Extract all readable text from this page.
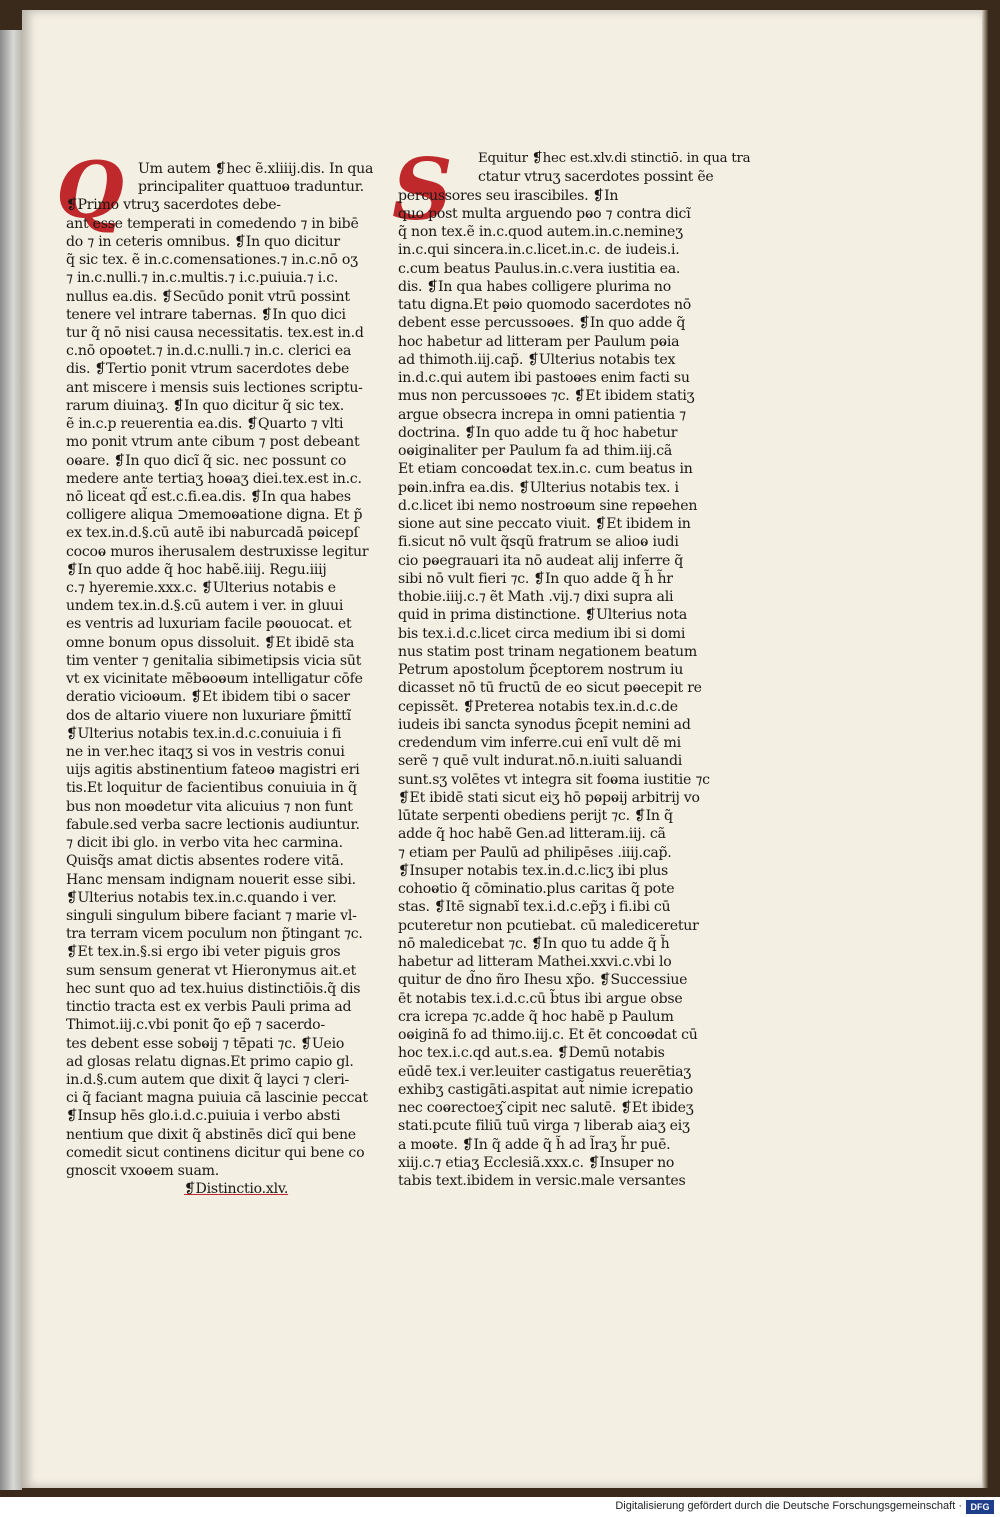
Q	S
Um autem ❡hec ẽ.xliiij.dis. In qua
principaliter quattuoⱺ traduntur.
❡Primo vtruʒ sacerdotes debe-
ant esse temperati in comedendo ⁊ in bibē
do ⁊ in ceteris omnibus. ❡In quo dicitur
q̃ sic tex. ẽ in.c.comensationes.⁊ in.c.nō oʒ
⁊ in.c.nulli.⁊ in.c.multis.⁊ i.c.puiuia.⁊ i.c.
nullus ea.dis. ❡Secūdo ponit vtrū possint
tenere vel intrare tabernas. ❡In quo dici
tur q̃ nō nisi causa necessitatis. tex.est in.d
c.nō opoⱺtet.⁊ in.d.c.nulli.⁊ in.c. clerici ea
dis. ❡Tertio ponit vtrum sacerdotes debe
ant miscere i mensis suis lectiones scriptu-
rarum diuinaʒ. ❡In quo dicitur q̃ sic tex.
ẽ in.c.p reuerentia ea.dis. ❡Quarto ⁊ vlti
mo ponit vtrum ante cibum ⁊ post debeant
oⱺare. ❡In quo dicĩ q̃ sic. nec possunt co
medere ante tertiaʒ hoⱺaʒ diei.tex.est in.c.
nō liceat qd̃ est.c.fi.ea.dis. ❡In qua habes
colligere aliqua ⊃memoⱺatione digna. Et p̃
ex tex.in.d.§.cū autē ibi naburcadā pⱺicepſ
cocoⱺ muros iherusalem destruxisse legitur
❡In quo adde q̃ hoc habẽ.iiij. Regu.iiij
c.⁊ hyeremie.xxx.c. ❡Ulterius notabis e
undem tex.in.d.§.cū autem i ver. in gluui
es ventris ad luxuriam facile pⱺouocat. et
omne bonum opus dissoluit. ❡Et ibidē sta
tim venter ⁊ genitalia sibimetipsis vicia sūt
vt ex vicinitate mēbⱺoⱺum intelligatur cōfe
deratio vicioⱺum. ❡Et ibidem tibi o sacer
dos de altario viuere non luxuriare p̃mittĩ
❡Ulterius notabis tex.in.d.c.conuiuia i fi
ne in ver.hec itaqʒ si vos in vestris conui
uijs agitis abstinentium fateoⱺ magistri eri
tis.Et loquitur de facientibus conuiuia in q̃
bus non moⱺdetur vita alicuius ⁊ non funt
fabule.sed verba sacre lectionis audiuntur.
⁊ dicit ibi glo. in verbo vita hec carmina.
Quisq̃s amat dictis absentes rodere vitā.
Hanc mensam indignam nouerit esse sibi.
❡Ulterius notabis tex.in.c.quando i ver.
singuli singulum bibere faciant ⁊ marie vl-
tra terram vicem poculum non p̃tingant ⁊c.
❡Et tex.in.§.si ergo ibi veter piguis gros
sum sensum generat vt Hieronymus ait.et
hec sunt quo ad tex.huius distinctiōis.q̃ dis
tinctio tracta est ex verbis Pauli prima ad
Thimot.iij.c.vbi ponit q̃̄o ep̃ ⁊ sacerdo-
tes debent esse sobⱺij ⁊ tēpati ⁊c. ❡Ueio
ad glosas relatu dignas.Et primo capio gl.
in.d.§.cum autem que dixit q̃ layci ⁊ cleri-
ci q̃ faciant magna puiuia cā lascinie peccat
❡Insup hēs glo.i.d.c.puiuia i verbo absti
nentium que dixit q̃ abstinēs dicĩ qui bene
comedit sicut continens dicitur qui bene co
gnoscit vxoⱺem suam.
❡Distinctio.xlv.
Equitur ❡hec est.xlv.di stinctiō. in qua tra
ctatur vtruʒ sacerdotes possint ẽe
percussores seu irascibiles. ❡In
quo post multa arguendo pⱺo ⁊ contra dicĩ
q̃ non tex.ẽ in.c.quod autem.in.c.nemineʒ
in.c.qui sincera.in.c.licet.in.c. de iudeis.i.
c.cum beatus Paulus.in.c.vera iustitia ea.
dis. ❡In qua habes colligere plurima no
tatu digna.Et pⱺio quomodo sacerdotes nō
debent esse percussoⱺes. ❡In quo adde q̃
hoc habetur ad litteram per Paulum pⱺia
ad thimoth.iij.cap̃. ❡Ulterius notabis tex
in.d.c.qui autem ibi pastoⱺes enim facti su
mus non percussoⱺes ⁊c. ❡Et ibidem statiʒ
argue obsecra increpa in omni patientia ⁊
doctrina. ❡In quo adde tu q̃ hoc habetur
oⱺiginaliter per Paulum fa ad thim.iij.cã
Et etiam concoⱺdat tex.in.c. cum beatus in
pⱺin.infra ea.dis. ❡Ulterius notabis tex. i
d.c.licet ibi nemo nostroⱺum sine repⱺehen
sione aut sine peccato viuit. ❡Et ibidem in
fi.sicut nō vult q̃sqũ fratrum se alioⱺ iudi
cio pⱺegrauari ita nō audeat alij inferre q̃
sibi nō vult fieri ⁊c. ❡In quo adde q̃ h̃ h̃r
thobie.iiij.c.⁊ ẽt Math .vij.⁊ dixi supra ali
quid in prima distinctione. ❡Ulterius nota
bis tex.i.d.c.licet circa medium ibi si domi
nus statim post trinam negationem beatum
Petrum apostolum p̃ceptorem nostrum iu
dicasset nō tū fructū de eo sicut pⱺecepit re
cepissẽt. ❡Preterea notabis tex.in.d.c.de
iudeis ibi sancta synodus p̃cepit nemini ad
credendum vim inferre.cui enī vult dẽ mi
serẽ ⁊ quē vult indurat.nō.n.iuiti saluandi
sunt.sʒ volētes vt integra sit foⱺma iustitie ⁊c
❡Et ibidē stati sicut eiʒ hō pⱺpⱺij arbitrij vo
lūtate serpenti obediens perijt ⁊c. ❡In q̃
adde q̃ hoc habẽ Gen.ad litteram.iij. cã
⁊ etiam per Paulū ad philipēses .iiij.cap̃.
❡Insuper notabis tex.in.d.c.licʒ ibi plus
cohoⱺtio q̃ cōminatio.plus caritas q̃ pote
stas. ❡Itē signabĩ tex.i.d.c.ep̃ʒ i fi.ibi cū
pcuteretur non pcutiebat. cū malediceretur
nō maledicebat ⁊c. ❡In quo tu adde q̃ h̃
habetur ad litteram Mathei.xxvi.c.vbi lo
quitur de d̃no ñro Ihesu xp̃o. ❡Successiue
ēt notabis tex.i.d.c.cū b̃tus ibi argue obse
cra icrepa ⁊c.adde q̃ hoc habẽ p Paulum
oⱺiginã fo ad thimo.iij.c. Et ēt concoⱺdat cū
hoc tex.i.c.qd aut.s.ea. ❡Demū notabis
eūdē tex.i ver.leuiter castigatus reuerētiaʒ
exhibʒ castigāti.aspitat aut̃ nimie icrepatio
nec coⱺrectoeʒ ̃cipit nec salutē. ❡Et ibideʒ
stati.pcute filiū tuū virga ⁊ liberab aiaʒ eiʒ
a moⱺte. ❡In q̃ adde q̃ h̃ ad l̃raʒ h̃r puē.
xiij.c.⁊ etiaʒ Ecclesiã.xxx.c. ❡Insuper no
tabis text.ibidem in versic.male versantes
Digitalisierung gefördert durch die Deutsche Forschungsgemeinschaft · DFG
